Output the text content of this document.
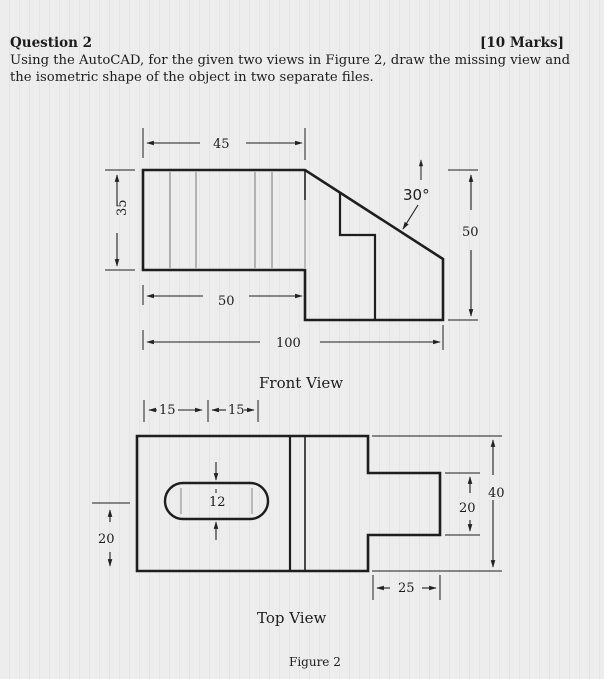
Question 2	[10 Marks]
Using the AutoCAD, for the given two views in Figure 2, draw the missing view and the isometric shape of the object in two separate files.
45
35
30°
50
50
100
Front View
15	15
12
20
20
40
25
Top View
Figure 2
